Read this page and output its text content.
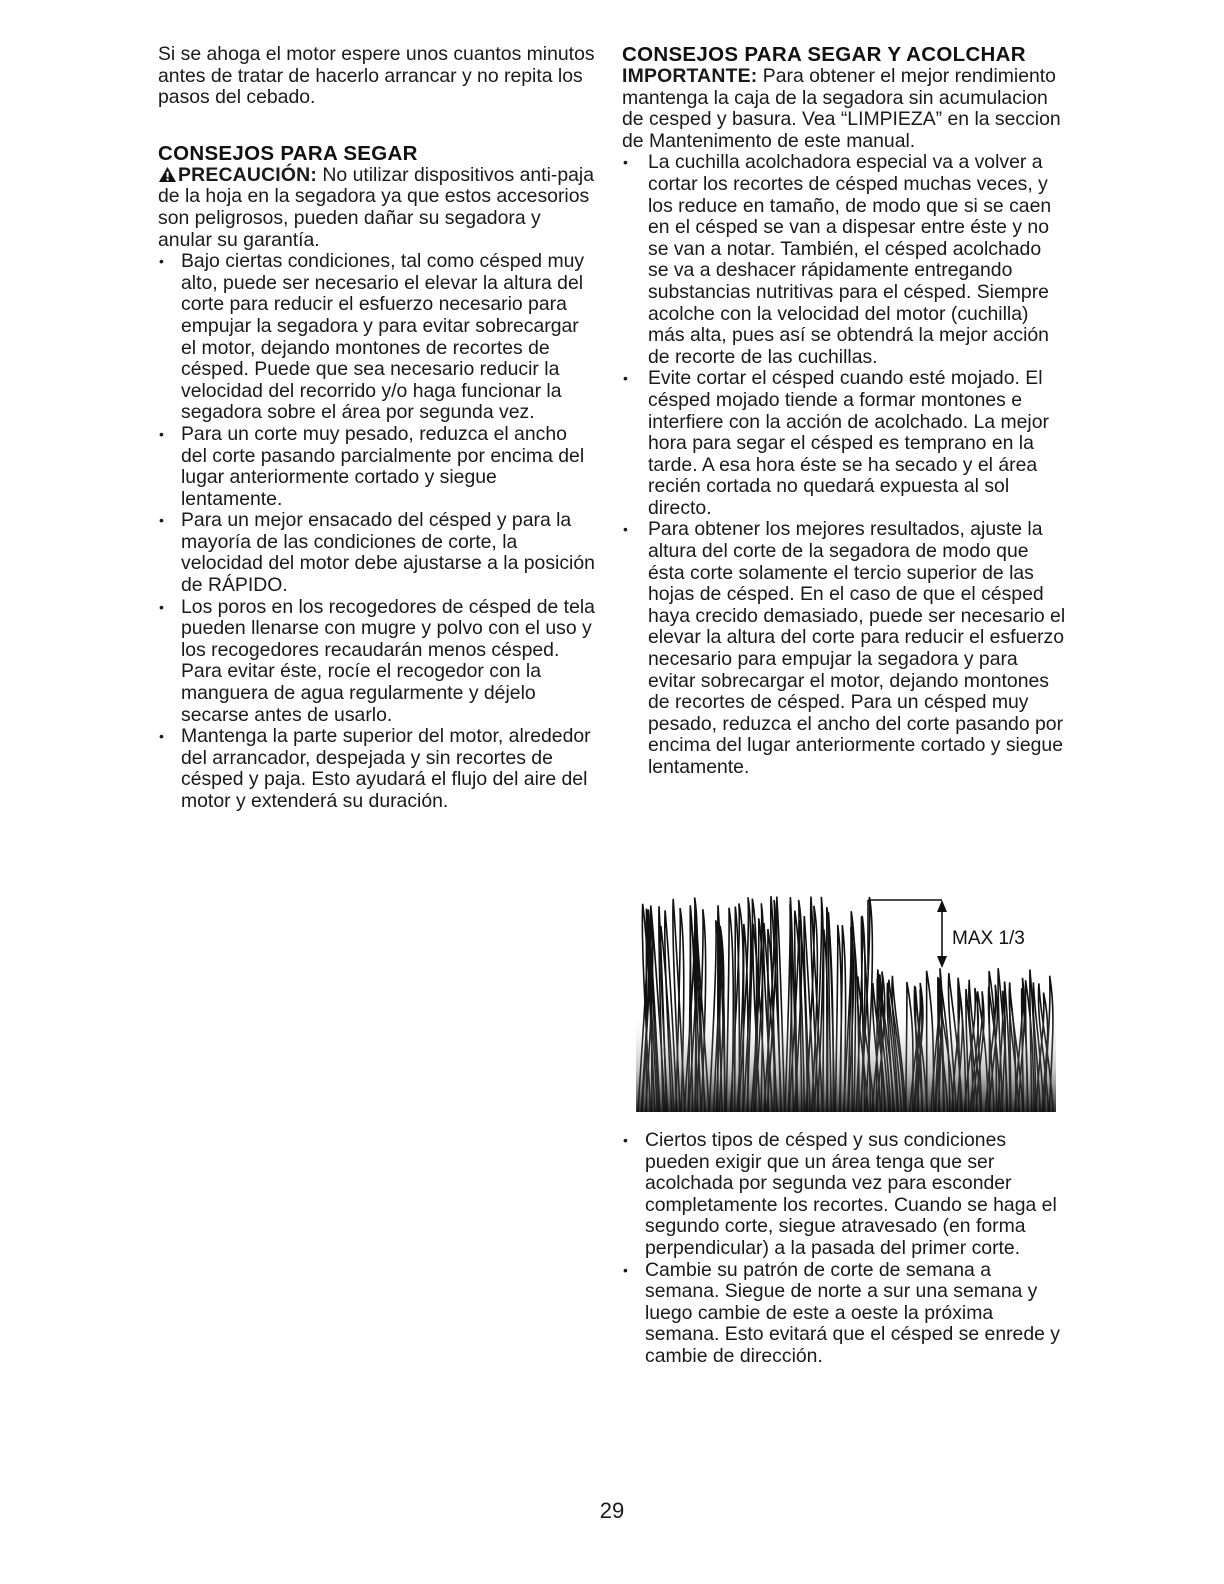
Si se ahoga el motor espere unos cuantos minutos antes de tratar de hacerlo arrancar y no repita los pasos del cebado.

CONSEJOS PARA SEGAR

PRECAUCIÓN: No utilizar dispositivos anti-paja de la hoja en la segadora ya que estos accesorios son peligrosos, pueden dañar su segadora y anular su garantía.

• Bajo ciertas condiciones, tal como césped muy alto, puede ser necesario el elevar la altura del corte para reducir el esfuerzo necesario para empujar la segadora y para evitar sobrecargar el motor, dejando montones de recortes de césped. Puede que sea necesario reducir la velocidad del recorrido y/o haga funcionar la segadora sobre el área por segunda vez.
• Para un corte muy pesado, reduzca el ancho del corte pasando parcialmente por encima del lugar anteriormente cortado y siegue lentamente.
• Para un mejor ensacado del césped y para la mayoría de las condiciones de corte, la velocidad del motor debe ajustarse a la posición de RÁPIDO.
• Los poros en los recogedores de césped de tela pueden llenarse con mugre y polvo con el uso y los recogedores recaudarán menos césped. Para evitar éste, rocíe el recogedor con la manguera de agua regularmente y déjelo secarse antes de usarlo.
• Mantenga la parte superior del motor, alrededor del arrancador, despejada y sin recortes de césped y paja. Esto ayudará el flujo del aire del motor y extenderá su duración.
CONSEJOS PARA SEGAR Y ACOLCHAR

IMPORTANTE: Para obtener el mejor rendimiento mantenga la caja de la segadora sin acumulacion de cesped y basura. Vea “LIMPIEZA” en la seccion de Mantenimento de este manual.

• La cuchilla acolchadora especial va a volver a cortar los recortes de césped muchas veces, y los reduce en tamaño, de modo que si se caen en el césped se van a dispesar entre éste y no se van a notar. También, el césped acolchado se va a deshacer rápidamente entregando substancias nutritivas para el césped. Siempre acolche con la velocidad del motor (cuchilla) más alta, pues así se obtendrá la mejor acción de recorte de las cuchillas.
• Evite cortar el césped cuando esté mojado. El césped mojado tiende a formar montones e interfiere con la acción de acolchado. La mejor hora para segar el césped es temprano en la tarde. A esa hora éste se ha secado y el área recién cortada no quedará expuesta al sol directo.
• Para obtener los mejores resultados, ajuste la altura del corte de la segadora de modo que ésta corte solamente el tercio superior de las hojas de césped. En el caso de que el césped haya crecido demasiado, puede ser necesario el elevar la altura del corte para reducir el esfuerzo necesario para empujar la segadora y para evitar sobrecargar el motor, dejando montones de recortes de césped. Para un césped muy pesado, reduzca el ancho del corte pasando por encima del lugar anteriormente cortado y siegue lentamente.
MAX 1/3
• Ciertos tipos de césped y sus condiciones pueden exigir que un área tenga que ser acolchada por segunda vez para esconder completamente los recortes. Cuando se haga el segundo corte, siegue atravesado (en forma perpendicular) a la pasada del primer corte.
• Cambie su patrón de corte de semana a semana. Siegue de norte a sur una semana y luego cambie de este a oeste la próxima semana. Esto evitará que el césped se enrede y cambie de dirección.
29
